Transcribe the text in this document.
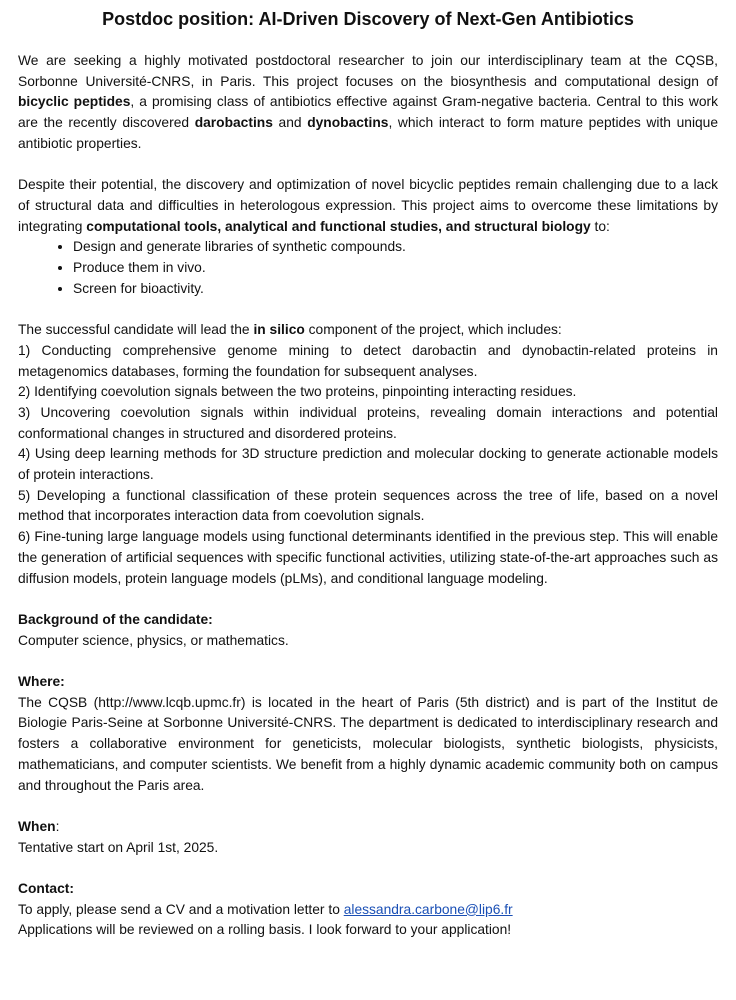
Postdoc position: AI-Driven Discovery of Next-Gen Antibiotics

We are seeking a highly motivated postdoctoral researcher to join our interdisciplinary team at the CQSB, Sorbonne Université-CNRS, in Paris. This project focuses on the biosynthesis and computational design of bicyclic peptides, a promising class of antibiotics effective against Gram-negative bacteria. Central to this work are the recently discovered darobactins and dynobactins, which interact to form mature peptides with unique antibiotic properties.

Despite their potential, the discovery and optimization of novel bicyclic peptides remain challenging due to a lack of structural data and difficulties in heterologous expression. This project aims to overcome these limitations by integrating computational tools, analytical and functional studies, and structural biology to:

• Design and generate libraries of synthetic compounds.
• Produce them in vivo.
• Screen for bioactivity.

The successful candidate will lead the in silico component of the project, which includes:

1) Conducting comprehensive genome mining to detect darobactin and dynobactin-related proteins in metagenomics databases, forming the foundation for subsequent analyses.

2) Identifying coevolution signals between the two proteins, pinpointing interacting residues.

3) Uncovering coevolution signals within individual proteins, revealing domain interactions and potential conformational changes in structured and disordered proteins.

4) Using deep learning methods for 3D structure prediction and molecular docking to generate actionable models of protein interactions.

5) Developing a functional classification of these protein sequences across the tree of life, based on a novel method that incorporates interaction data from coevolution signals.

6) Fine-tuning large language models using functional determinants identified in the previous step. This will enable the generation of artificial sequences with specific functional activities, utilizing state-of-the-art approaches such as diffusion models, protein language models (pLMs), and conditional language modeling.

Background of the candidate:

Computer science, physics, or mathematics.

Where:

The CQSB (http://www.lcqb.upmc.fr) is located in the heart of Paris (5th district) and is part of the Institut de Biologie Paris-Seine at Sorbonne Université-CNRS. The department is dedicated to interdisciplinary research and fosters a collaborative environment for geneticists, molecular biologists, synthetic biologists, physicists, mathematicians, and computer scientists. We benefit from a highly dynamic academic community both on campus and throughout the Paris area.

When:

Tentative start on April 1st, 2025.

Contact:

To apply, please send a CV and a motivation letter to alessandra.carbone@lip6.fr

Applications will be reviewed on a rolling basis. I look forward to your application!
